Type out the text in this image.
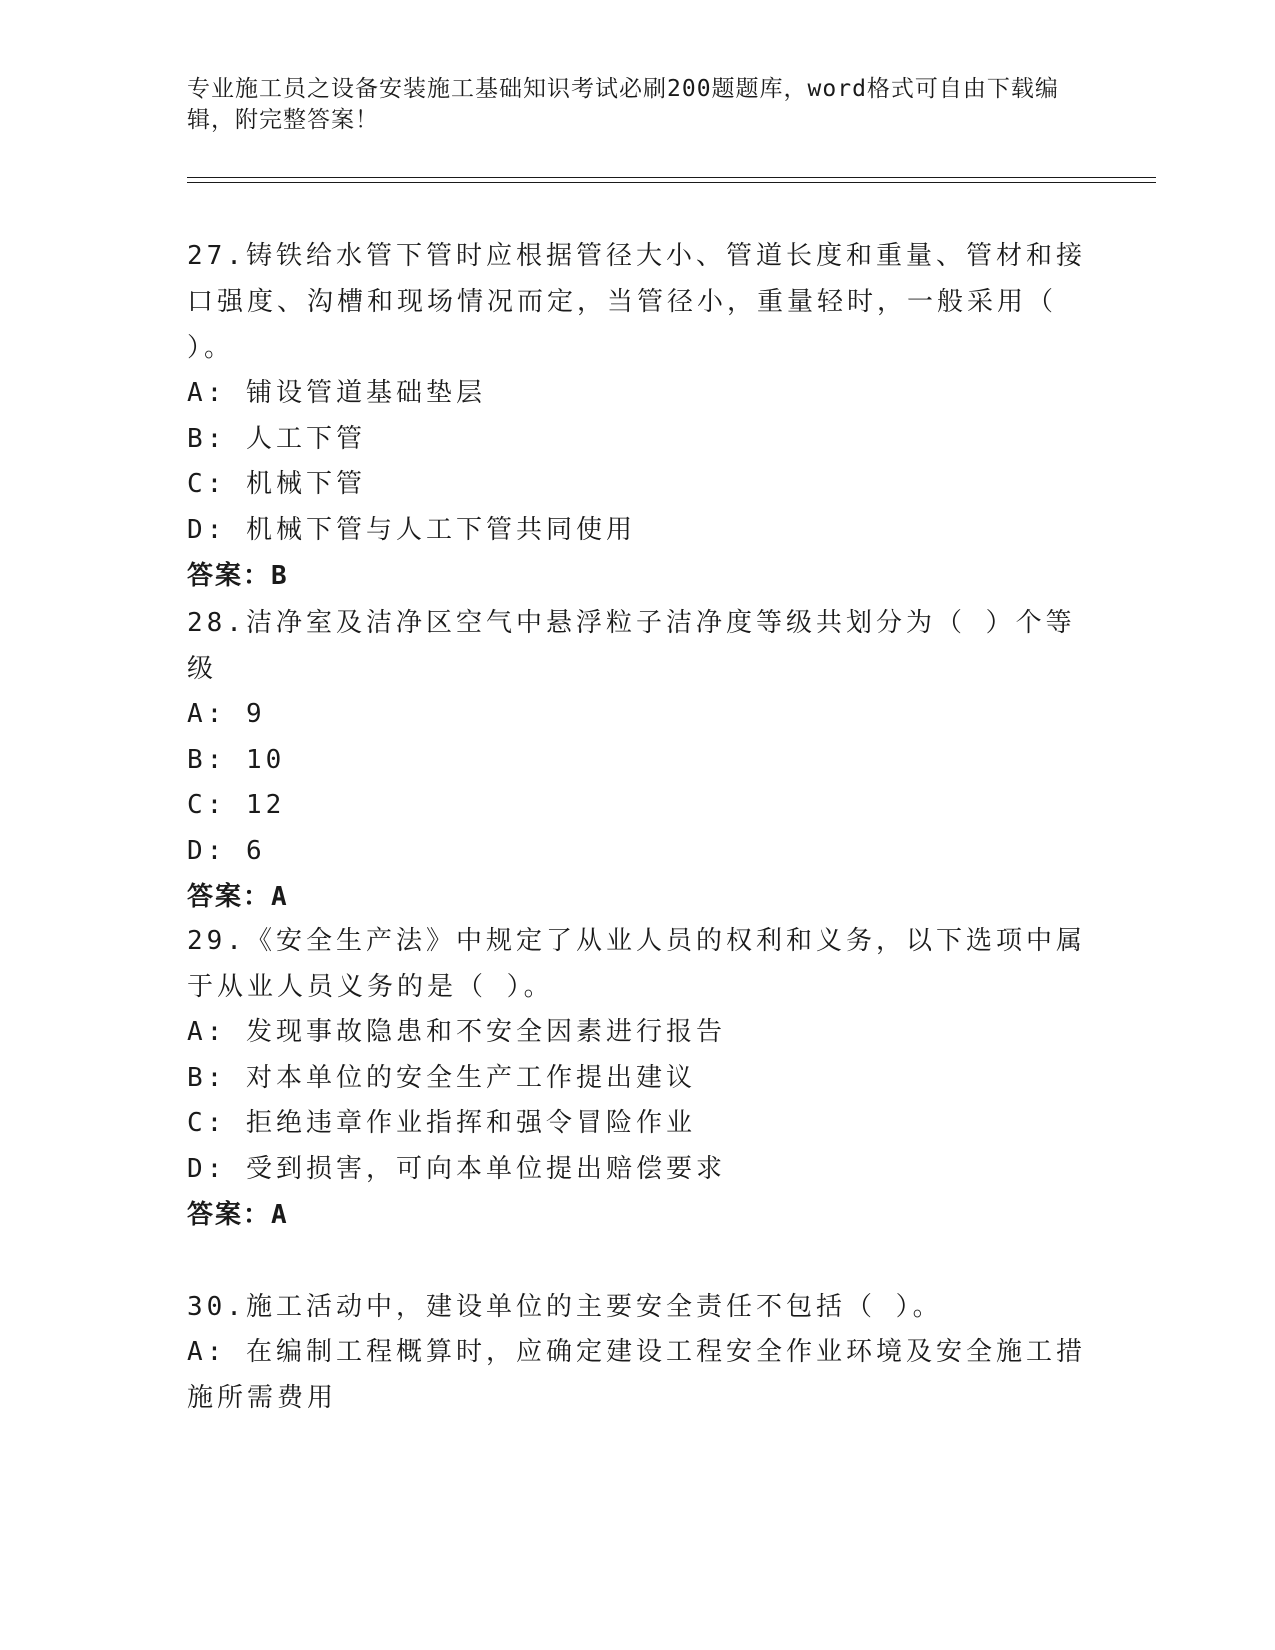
专业施工员之设备安装施工基础知识考试必刷200题题库，word格式可自由下载编辑，附完整答案！

27.铸铁给水管下管时应根据管径大小、管道长度和重量、管材和接口强度、沟槽和现场情况而定，当管径小，重量轻时，一般采用（ ）。

A: 铺设管道基础垫层

B: 人工下管

C: 机械下管

D: 机械下管与人工下管共同使用

答案：B

28.洁净室及洁净区空气中悬浮粒子洁净度等级共划分为（ ）个等级

A: 9

B: 10

C: 12

D: 6

答案：A

29.《安全生产法》中规定了从业人员的权利和义务，以下选项中属于从业人员义务的是（ ）。

A: 发现事故隐患和不安全因素进行报告

B: 对本单位的安全生产工作提出建议

C: 拒绝违章作业指挥和强令冒险作业

D: 受到损害，可向本单位提出赔偿要求

答案：A

30.施工活动中，建设单位的主要安全责任不包括（ ）。

A: 在编制工程概算时，应确定建设工程安全作业环境及安全施工措施所需费用
